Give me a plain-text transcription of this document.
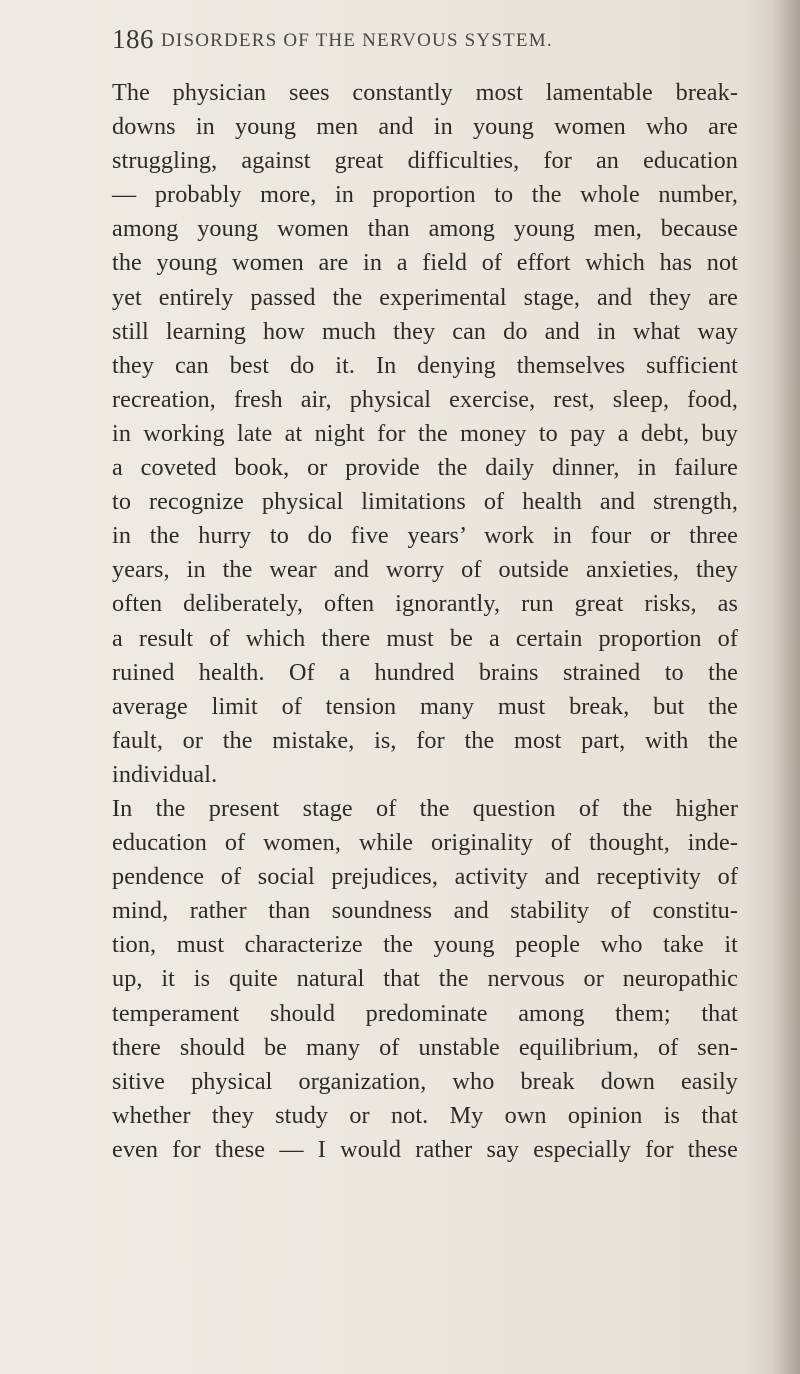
186 DISORDERS OF THE NERVOUS SYSTEM.
The physician sees constantly most lamentable break-
downs in young men and in young women who are
struggling, against great difficulties, for an education
— probably more, in proportion to the whole number,
among young women than among young men, because
the young women are in a field of effort which has not
yet entirely passed the experimental stage, and they are
still learning how much they can do and in what way
they can best do it. In denying themselves sufficient
recreation, fresh air, physical exercise, rest, sleep, food,
in working late at night for the money to pay a debt, buy
a coveted book, or provide the daily dinner, in failure
to recognize physical limitations of health and strength,
in the hurry to do five years’ work in four or three
years, in the wear and worry of outside anxieties, they
often deliberately, often ignorantly, run great risks, as
a result of which there must be a certain proportion of
ruined health. Of a hundred brains strained to the
average limit of tension many must break, but the
fault, or the mistake, is, for the most part, with the
individual.
In the present stage of the question of the higher
education of women, while originality of thought, inde-
pendence of social prejudices, activity and receptivity of
mind, rather than soundness and stability of constitu-
tion, must characterize the young people who take it
up, it is quite natural that the nervous or neuropathic
temperament should predominate among them; that
there should be many of unstable equilibrium, of sen-
sitive physical organization, who break down easily
whether they study or not. My own opinion is that
even for these — I would rather say especially for these
